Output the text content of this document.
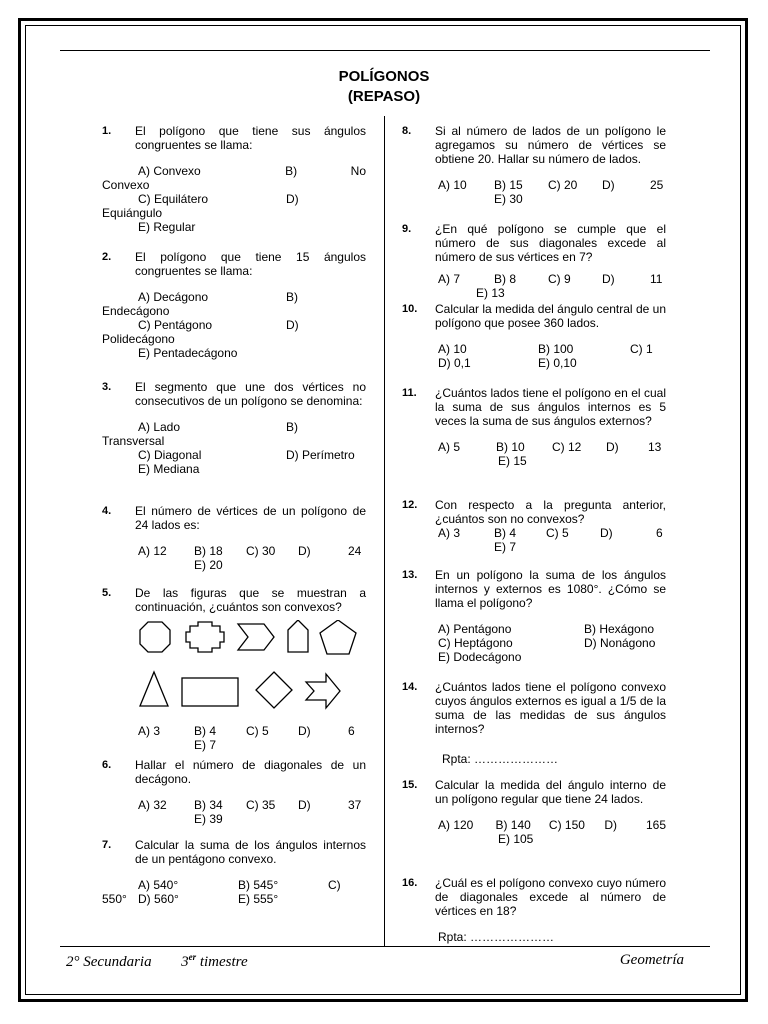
POLÍGONOS
(REPASO)
1. El polígono que tiene sus ángulos congruentes se llama:
A) Convexo	B)	No
Convexo
C) Equilátero	D)
Equiángulo
E) Regular
2. El polígono que tiene 15 ángulos congruentes se llama:
A) Decágono	B)
Endecágono
C) Pentágono	D)
Polidecágono
E) Pentadecágono
3. El segmento que une dos vértices no consecutivos de un polígono se denomina:
A) Lado	B)
Transversal
C) Diagonal	D) Perímetro
E) Mediana
4. El número de vértices de un polígono de 24 lados es:
A) 12	B) 18	C) 30	D)	24
E) 20
5. De las figuras que se muestran a continuación, ¿cuántos son convexos?
A) 3	B) 4	C) 5	D)	6
E) 7
6. Hallar el número de diagonales de un decágono.
A) 32	B) 34	C) 35	D)	37
E) 39
7. Calcular la suma de los ángulos internos de un pentágono convexo.
A) 540°	B) 545°	C)
550° D) 560°	E) 555°
8. Si al número de lados de un polígono le agregamos su número de vértices se obtiene 20. Hallar su número de lados.
A) 10	B) 15	C) 20	D)	25
E) 30
9. ¿En qué polígono se cumple que el número de sus diagonales excede al número de sus vértices en 7?
A) 7	B) 8	C) 9	D)	11
E) 13
10. Calcular la medida del ángulo central de un polígono que posee 360 lados.
A) 10	B) 100	C) 1
D) 0,1	E) 0,10
11. ¿Cuántos lados tiene el polígono en el cual la suma de sus ángulos internos es 5 veces la suma de sus ángulos externos?
A) 5	B) 10	C) 12	D)	13
E) 15
12. Con respecto a la pregunta anterior, ¿cuántos son no convexos?
A) 3	B) 4	C) 5	D)	6
E) 7
13. En un polígono la suma de los ángulos internos y externos es 1080°. ¿Cómo se llama el polígono?
A) Pentágono	B) Hexágono
C) Heptágono	D) Nonágono
E) Dodecágono
14. ¿Cuántos lados tiene el polígono convexo cuyos ángulos externos es igual a 1/5 de la suma de las medidas de sus ángulos internos?
Rpta: …………………
15. Calcular la medida del ángulo interno de un polígono regular que tiene 24 lados.
A) 120	B) 140	C) 150	D)	165
E) 105
16. ¿Cuál es el polígono convexo cuyo número de diagonales excede al número de vértices en 18?
Rpta: …………………
2° Secundaria 3er timestre	Geometría
